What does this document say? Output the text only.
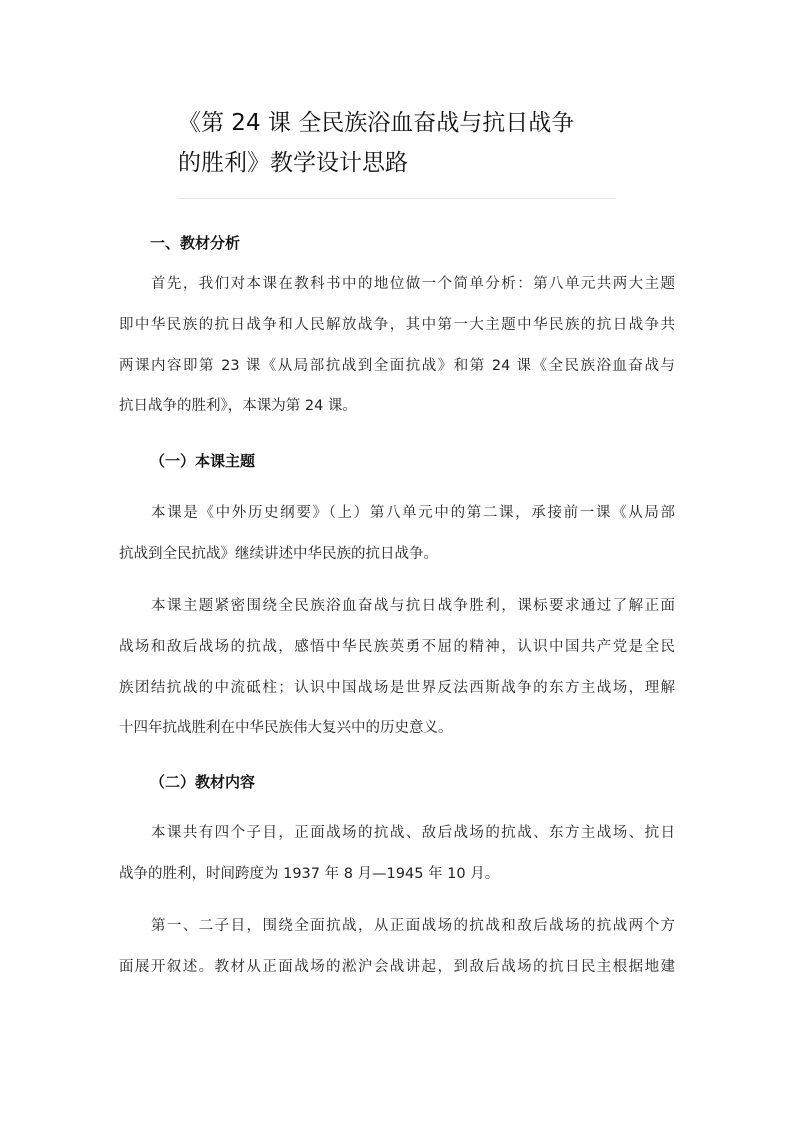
《第 24 课 全民族浴血奋战与抗日战争
的胜利》教学设计思路
一、教材分析
首先，我们对本课在教科书中的地位做一个简单分析：第八单元共两大主题
即中华民族的抗日战争和人民解放战争，其中第一大主题中华民族的抗日战争共
两课内容即第 23 课《从局部抗战到全面抗战》和第 24 课《全民族浴血奋战与
抗日战争的胜利》，本课为第 24 课。
（一）本课主题
本课是《中外历史纲要》（上）第八单元中的第二课，承接前一课《从局部
抗战到全民抗战》继续讲述中华民族的抗日战争。
本课主题紧密围绕全民族浴血奋战与抗日战争胜利，课标要求通过了解正面
战场和敌后战场的抗战，感悟中华民族英勇不屈的精神，认识中国共产党是全民
族团结抗战的中流砥柱；认识中国战场是世界反法西斯战争的东方主战场，理解
十四年抗战胜利在中华民族伟大复兴中的历史意义。
（二）教材内容
本课共有四个子目，正面战场的抗战、敌后战场的抗战、东方主战场、抗日
战争的胜利，时间跨度为 1937 年 8 月—1945 年 10 月。
第一、二子目，围绕全面抗战，从正面战场的抗战和敌后战场的抗战两个方
面展开叙述。教材从正面战场的淞沪会战讲起，到敌后战场的抗日民主根据地建
